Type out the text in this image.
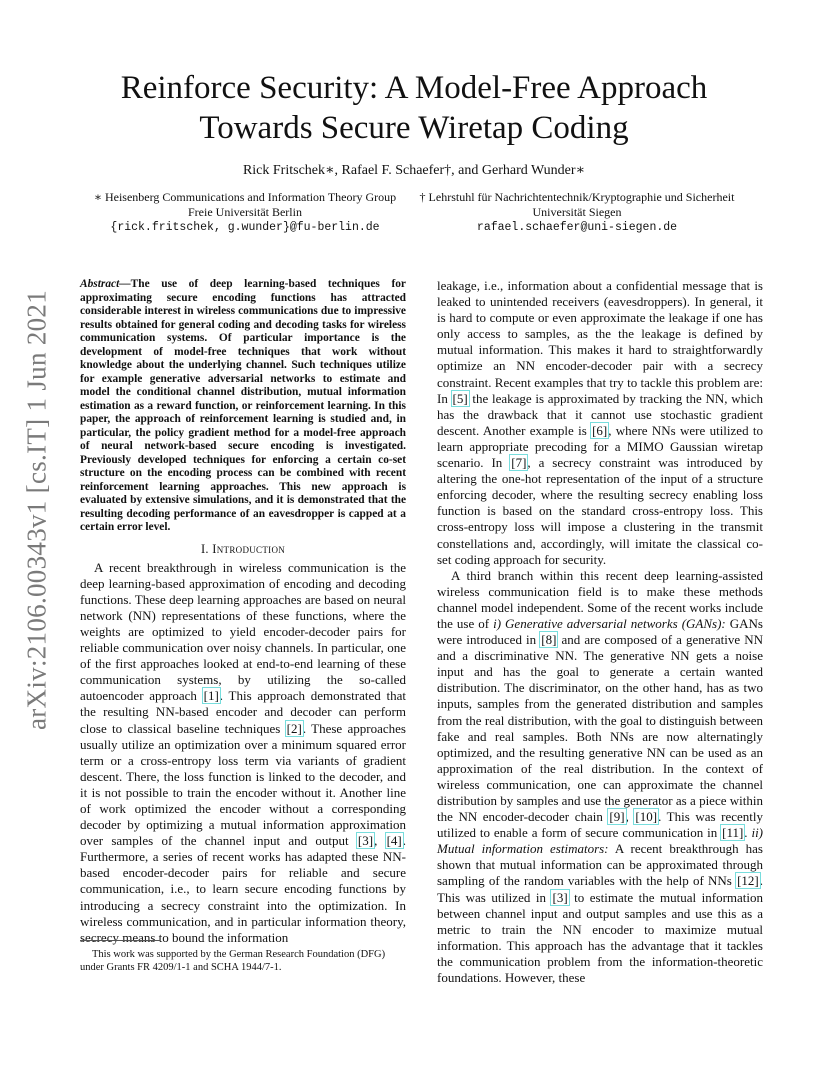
arXiv:2106.00343v1 [cs.IT] 1 Jun 2021
Reinforce Security: A Model-Free Approach
Towards Secure Wiretap Coding
Rick Fritschek∗, Rafael F. Schaefer†, and Gerhard Wunder∗
∗ Heisenberg Communications and Information Theory Group
Freie Universität Berlin
{rick.fritschek, g.wunder}@fu-berlin.de
† Lehrstuhl für Nachrichtentechnik/Kryptographie und Sicherheit
Universität Siegen
rafael.schaefer@uni-siegen.de

Abstract—The use of deep learning-based techniques for approximating secure encoding functions has attracted considerable interest in wireless communications due to impressive results obtained for general coding and decoding tasks for wireless communication systems. Of particular importance is the development of model-free techniques that work without knowledge about the underlying channel. Such techniques utilize for example generative adversarial networks to estimate and model the conditional channel distribution, mutual information estimation as a reward function, or reinforcement learning. In this paper, the approach of reinforcement learning is studied and, in particular, the policy gradient method for a model-free approach of neural network-based secure encoding is investigated. Previously developed techniques for enforcing a certain co-set structure on the encoding process can be combined with recent reinforcement learning approaches. This new approach is evaluated by extensive simulations, and it is demonstrated that the resulting decoding performance of an eavesdropper is capped at a certain error level.

I. Introduction

A recent breakthrough in wireless communication is the deep learning-based approximation of encoding and decoding functions. These deep learning approaches are based on neural network (NN) representations of these functions, where the weights are optimized to yield encoder-decoder pairs for reliable communication over noisy channels. In particular, one of the first approaches looked at end-to-end learning of these communication systems, by utilizing the so-called autoencoder approach [1]. This approach demonstrated that the resulting NN-based encoder and decoder can perform close to classical baseline techniques [2]. These approaches usually utilize an optimization over a minimum squared error term or a cross-entropy loss term via variants of gradient descent. There, the loss function is linked to the decoder, and it is not possible to train the encoder without it. Another line of work optimized the encoder without a corresponding decoder by optimizing a mutual information approximation over samples of the channel input and output [3], [4]. Furthermore, a series of recent works has adapted these NN-based encoder-decoder pairs for reliable and secure communication, i.e., to learn secure encoding functions by introducing a secrecy constraint into the optimization. In wireless communication, and in particular information theory, secrecy means to bound the information

leakage, i.e., information about a confidential message that is leaked to unintended receivers (eavesdroppers). In general, it is hard to compute or even approximate the leakage if one has only access to samples, as the the leakage is defined by mutual information. This makes it hard to straightforwardly optimize an NN encoder-decoder pair with a secrecy constraint. Recent examples that try to tackle this problem are: In [5] the leakage is approximated by tracking the NN, which has the drawback that it cannot use stochastic gradient descent. Another example is [6], where NNs were utilized to learn appropriate precoding for a MIMO Gaussian wiretap scenario. In [7], a secrecy constraint was introduced by altering the one-hot representation of the input of a structure enforcing decoder, where the resulting secrecy enabling loss function is based on the standard cross-entropy loss. This cross-entropy loss will impose a clustering in the transmit constellations and, accordingly, will imitate the classical co-set coding approach for security.

A third branch within this recent deep learning-assisted wireless communication field is to make these methods channel model independent. Some of the recent works include the use of i) Generative adversarial networks (GANs): GANs were introduced in [8] and are composed of a generative NN and a discriminative NN. The generative NN gets a noise input and has the goal to generate a certain wanted distribution. The discriminator, on the other hand, has as two inputs, samples from the generated distribution and samples from the real distribution, with the goal to distinguish between fake and real samples. Both NNs are now alternatingly optimized, and the resulting generative NN can be used as an approximation of the real distribution. In the context of wireless communication, one can approximate the channel distribution by samples and use the generator as a piece within the NN encoder-decoder chain [9], [10]. This was recently utilized to enable a form of secure communication in [11]. ii) Mutual information estimators: A recent breakthrough has shown that mutual information can be approximated through sampling of the random variables with the help of NNs [12]. This was utilized in [3] to estimate the mutual information between channel input and output samples and use this as a metric to train the NN encoder to maximize mutual information. This approach has the advantage that it tackles the communication problem from the information-theoretic foundations. However, these

This work was supported by the German Research Foundation (DFG) under Grants FR 4209/1-1 and SCHA 1944/7-1.
